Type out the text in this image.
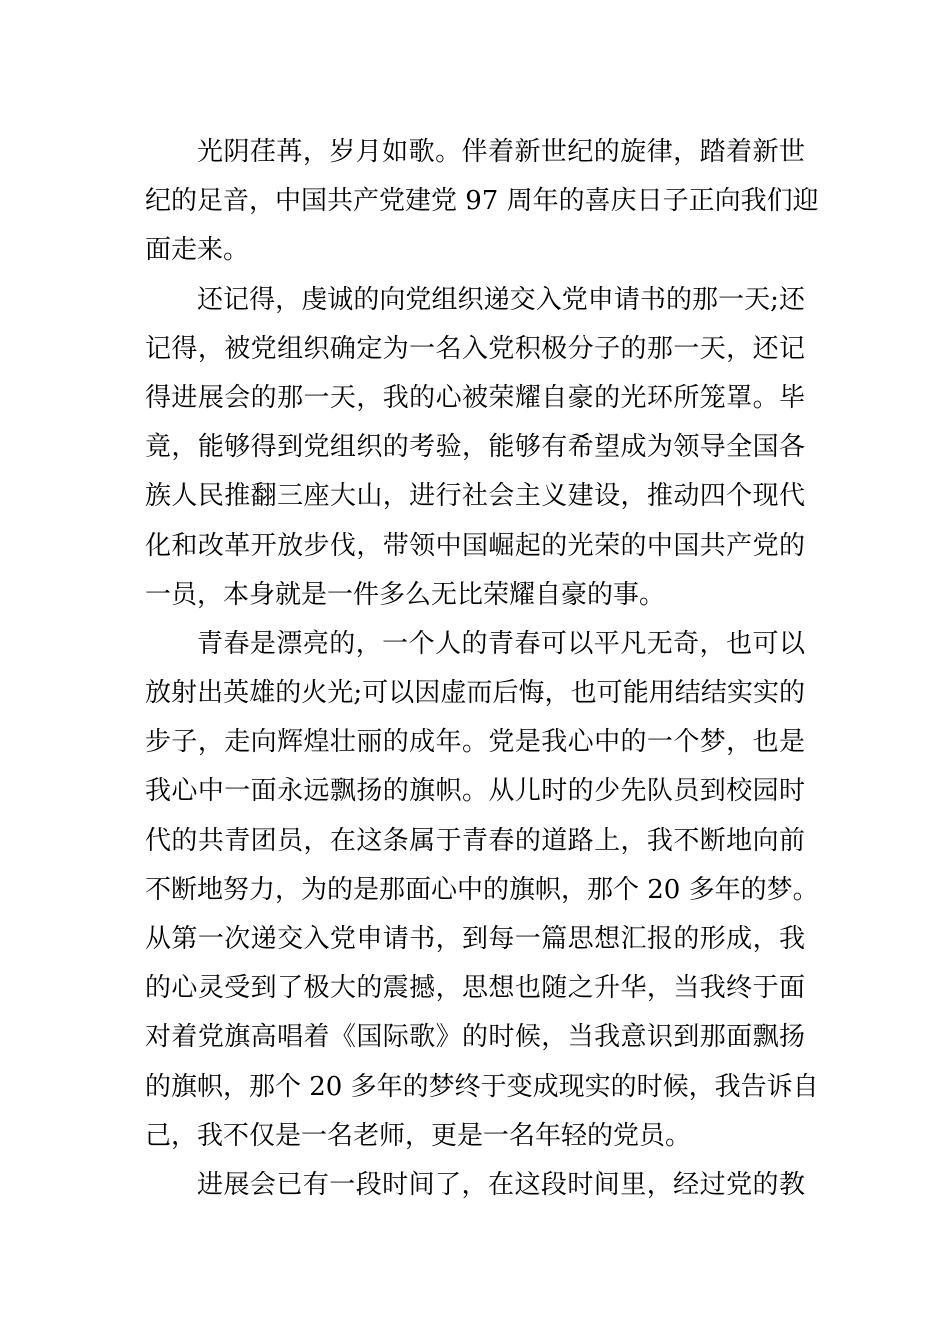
光阴荏苒，岁月如歌。伴着新世纪的旋律，踏着新世
纪的足音，中国共产党建党 97 周年的喜庆日子正向我们迎
面走来。
还记得，虔诚的向党组织递交入党申请书的那一天;还
记得，被党组织确定为一名入党积极分子的那一天，还记
得进展会的那一天，我的心被荣耀自豪的光环所笼罩。毕
竟，能够得到党组织的考验，能够有希望成为领导全国各
族人民推翻三座大山，进行社会主义建设，推动四个现代
化和改革开放步伐，带领中国崛起的光荣的中国共产党的
一员，本身就是一件多么无比荣耀自豪的事。
青春是漂亮的，一个人的青春可以平凡无奇，也可以
放射出英雄的火光;可以因虚而后悔，也可能用结结实实的
步子，走向辉煌壮丽的成年。党是我心中的一个梦，也是
我心中一面永远飘扬的旗帜。从儿时的少先队员到校园时
代的共青团员，在这条属于青春的道路上，我不断地向前
不断地努力，为的是那面心中的旗帜，那个 20 多年的梦。
从第一次递交入党申请书，到每一篇思想汇报的形成，我
的心灵受到了极大的震撼，思想也随之升华，当我终于面
对着党旗高唱着《国际歌》的时候，当我意识到那面飘扬
的旗帜，那个 20 多年的梦终于变成现实的时候，我告诉自
己，我不仅是一名老师，更是一名年轻的党员。
进展会已有一段时间了，在这段时间里，经过党的教
